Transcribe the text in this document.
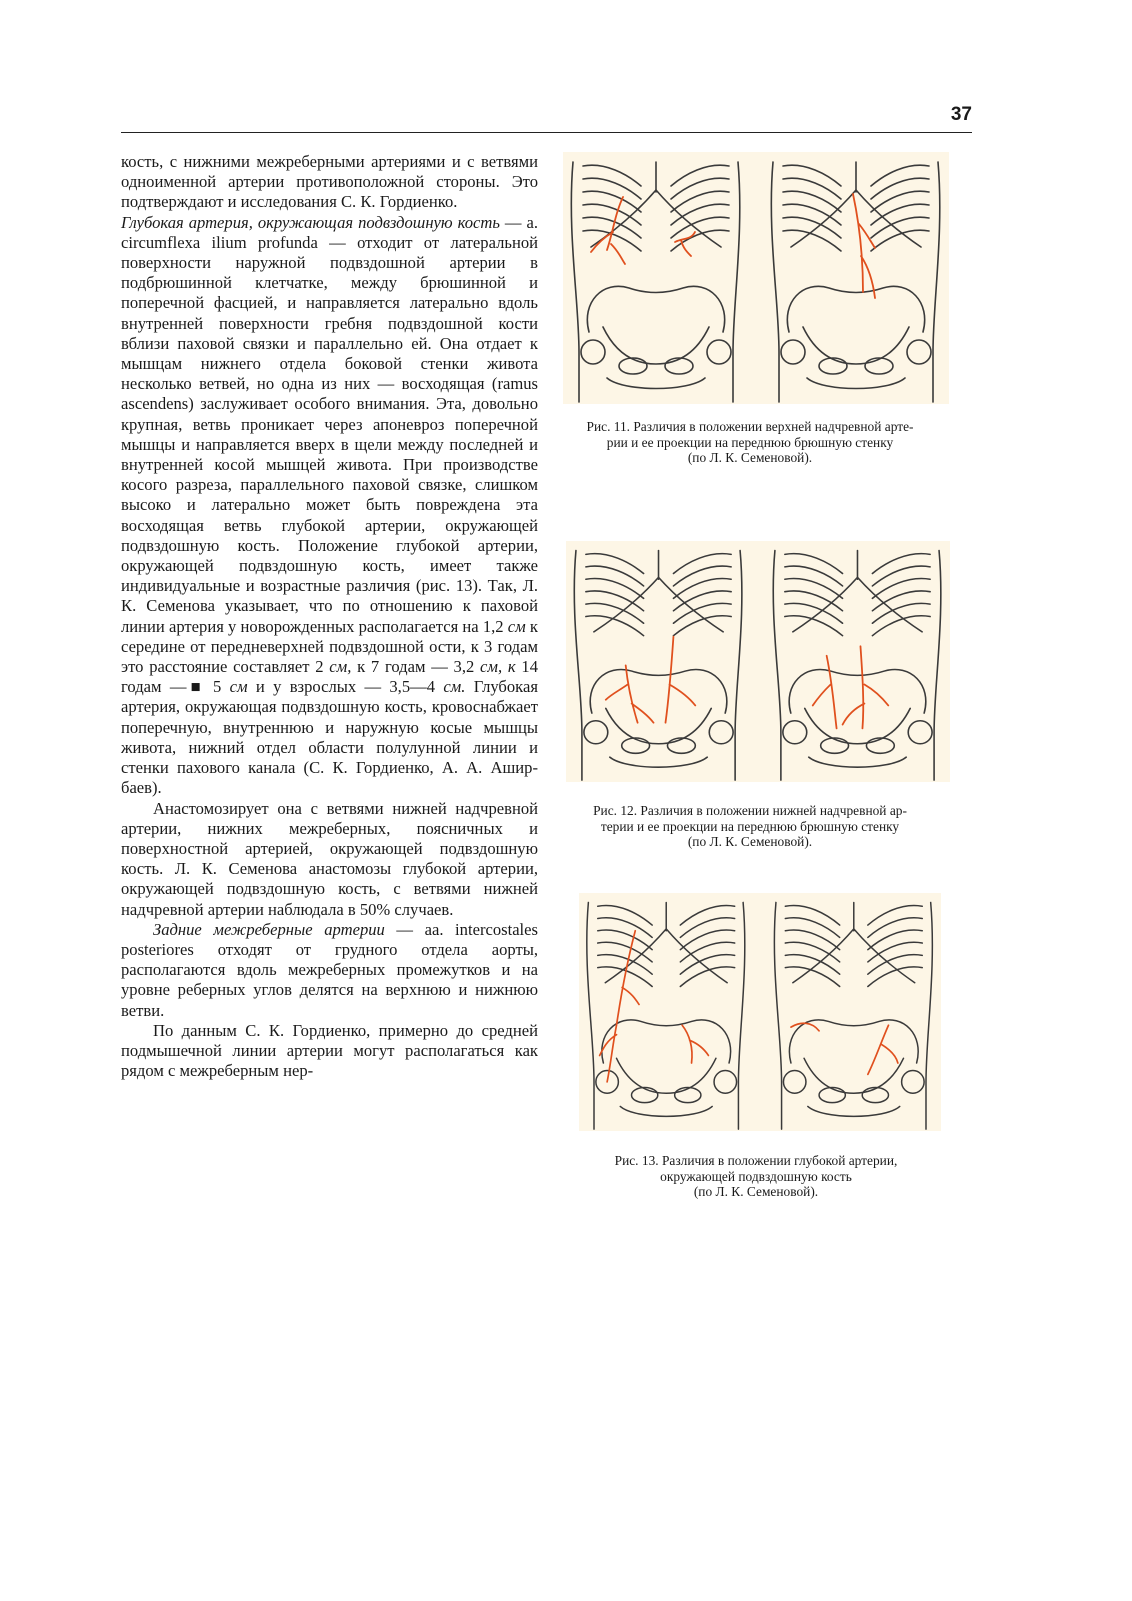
37

кость, с нижними межреберными артериями и с ветвями одноименной артерии противоположной стороны. Это подтверждают и исследования С. К. Гордиенко.

Глубокая артерия, окружающая подвздошную кость — a. circumflexa ilium profunda — отходит от латеральной поверхности наружной подвздошной артерии в подбрюшинной клетчатке, между брюшинной и поперечной фасцией, и направляется латерально вдоль внутренней поверхности гребня подвздошной кости вблизи паховой связки и параллельно ей. Она отдает к мышцам нижнего отдела боковой стенки живота несколько ветвей, но одна из них — восходящая (ramus ascendens) заслуживает особого внимания. Эта, довольно крупная, ветвь проникает через апоневроз поперечной мышцы и направляется вверх в щели между последней и внутренней косой мышцей живота. При производстве косого разреза, параллельного паховой связке, слишком высоко и латерально может быть повреждена эта восходящая ветвь глубокой артерии, окружающей подвздошную кость. Положение глубокой артерии, окружающей подвздошную кость, имеет также индивидуальные и возрастные различия (рис. 13). Так, Л. К. Семенова указывает, что по отношению к паховой линии артерия у новорожденных располагается на 1,2 см к середине от передневерхней подвздошной ости, к 3 годам это расстояние составляет 2 см, к 7 годам — 3,2 см, к 14 годам —■ 5 см и у взрослых — 3,5—4 см. Глубокая артерия, окружающая подвздошную кость, кровоснабжает поперечную, внутреннюю и наружную косые мышцы живота, нижний отдел области полулунной линии и стенки пахового канала (С. К. Гордиенко, А. А. Ашир-баев).

Анастомозирует она с ветвями нижней надчревной артерии, нижних межреберных, поясничных и поверхностной артерией, окружающей подвздошную кость. Л. К. Семенова анастомозы глубокой артерии, окружающей подвздошную кость, с ветвями нижней надчревной артерии наблюдала в 50% случаев.

Задние межреберные артерии — aa. intercostales posteriores отходят от грудного отдела аорты, располагаются вдоль межреберных промежутков и на уровне реберных углов делятся на верхнюю и нижнюю ветви.

По данным С. К. Гордиенко, примерно до средней подмышечной линии артерии могут располагаться как рядом с межреберным нер-

Рис. 11. Различия в положении верхней надчревной арте-
рии и ее проекции на переднюю брюшную стенку
(по Л. К. Семеновой).
Рис. 12. Различия в положении нижней надчревной ар-
терии и ее проекции на переднюю брюшную стенку
(по Л. К. Семеновой).
Рис. 13. Различия в положении глубокой артерии,
окружающей подвздошную кость
(по Л. К. Семеновой).
